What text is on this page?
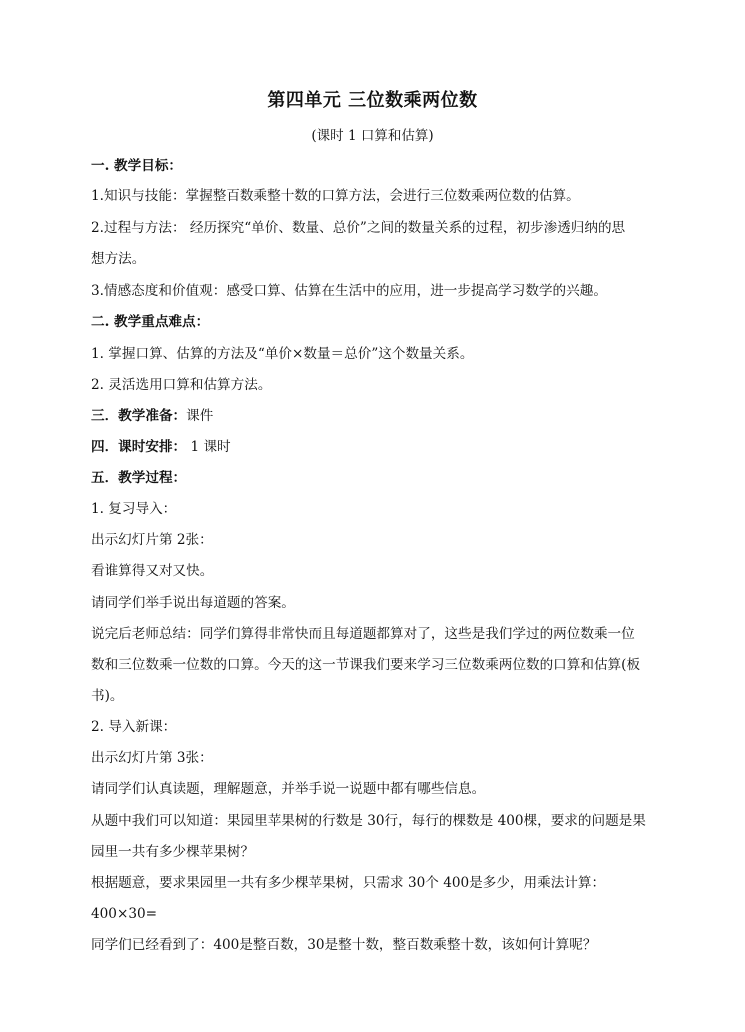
第四单元 三位数乘两位数
(课时 1 口算和估算)
一. 教学目标：
1.知识与技能：掌握整百数乘整十数的口算方法，会进行三位数乘两位数的估算。
2.过程与方法： 经历探究“单价、数量、总价”之间的数量关系的过程，初步渗透归纳的思
想方法。
3.情感态度和价值观：感受口算、估算在生活中的应用，进一步提高学习数学的兴趣。
二. 教学重点难点：
1. 掌握口算、估算的方法及“单价×数量＝总价”这个数量关系。
2. 灵活选用口算和估算方法。
三．教学准备：课件
四．课时安排： 1 课时
五．教学过程：
1. 复习导入：
出示幻灯片第 2张：
看谁算得又对又快。
请同学们举手说出每道题的答案。
说完后老师总结：同学们算得非常快而且每道题都算对了，这些是我们学过的两位数乘一位
数和三位数乘一位数的口算。今天的这一节课我们要来学习三位数乘两位数的口算和估算(板
书)。
2. 导入新课：
出示幻灯片第 3张：
请同学们认真读题，理解题意，并举手说一说题中都有哪些信息。
从题中我们可以知道：果园里苹果树的行数是 30行，每行的棵数是 400棵，要求的问题是果
园里一共有多少棵苹果树？
根据题意，要求果园里一共有多少棵苹果树，只需求 30个 400是多少，用乘法计算：
400×30=
同学们已经看到了：400是整百数，30是整十数，整百数乘整十数，该如何计算呢？
